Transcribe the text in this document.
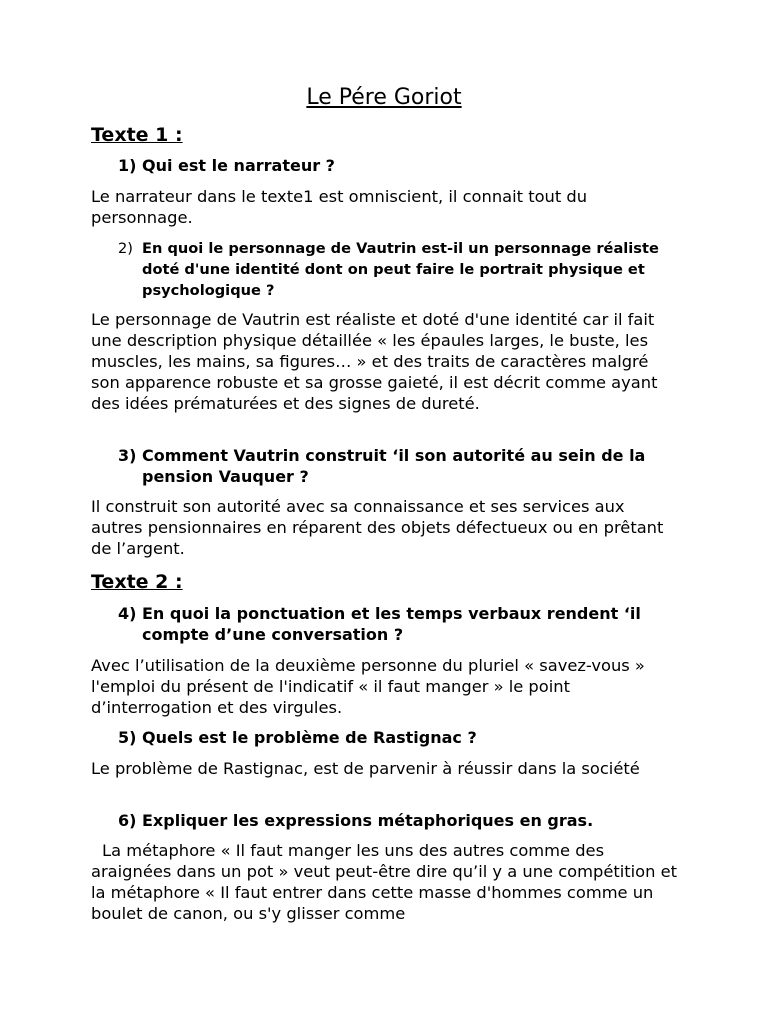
Le Pére Goriot
Texte 1 :
1) Qui est le narrateur ?
Le narrateur dans le texte1 est omniscient, il connait tout du personnage.
2) En quoi le personnage de Vautrin est-il un personnage réaliste doté d'une identité dont on peut faire le portrait physique et psychologique ?
Le personnage de Vautrin est réaliste et doté d'une identité car il fait une description physique détaillée « les épaules larges, le buste, les muscles, les mains, sa figures… » et des traits de caractères malgré son apparence robuste et sa grosse gaieté, il est décrit comme ayant des idées prématurées et des signes de dureté.
3) Comment Vautrin construit ‘il son autorité au sein de la pension Vauquer ?
Il construit son autorité avec sa connaissance et ses services aux autres pensionnaires en réparent des objets défectueux ou en prêtant de l’argent.
Texte 2 :
4) En quoi la ponctuation et les temps verbaux rendent ‘il compte d’une conversation ?
Avec l’utilisation de la deuxième personne du pluriel « savez-vous » l'emploi du présent de l'indicatif « il faut manger » le point d’interrogation et des virgules.
5) Quels est le problème de Rastignac ?
Le problème de Rastignac, est de parvenir à réussir dans la société
6) Expliquer les expressions métaphoriques en gras.
La métaphore « Il faut manger les uns des autres comme des araignées dans un pot » veut peut-être dire qu’il y a une compétition et la métaphore « Il faut entrer dans cette masse d'hommes comme un boulet de canon, ou s'y glisser comme
